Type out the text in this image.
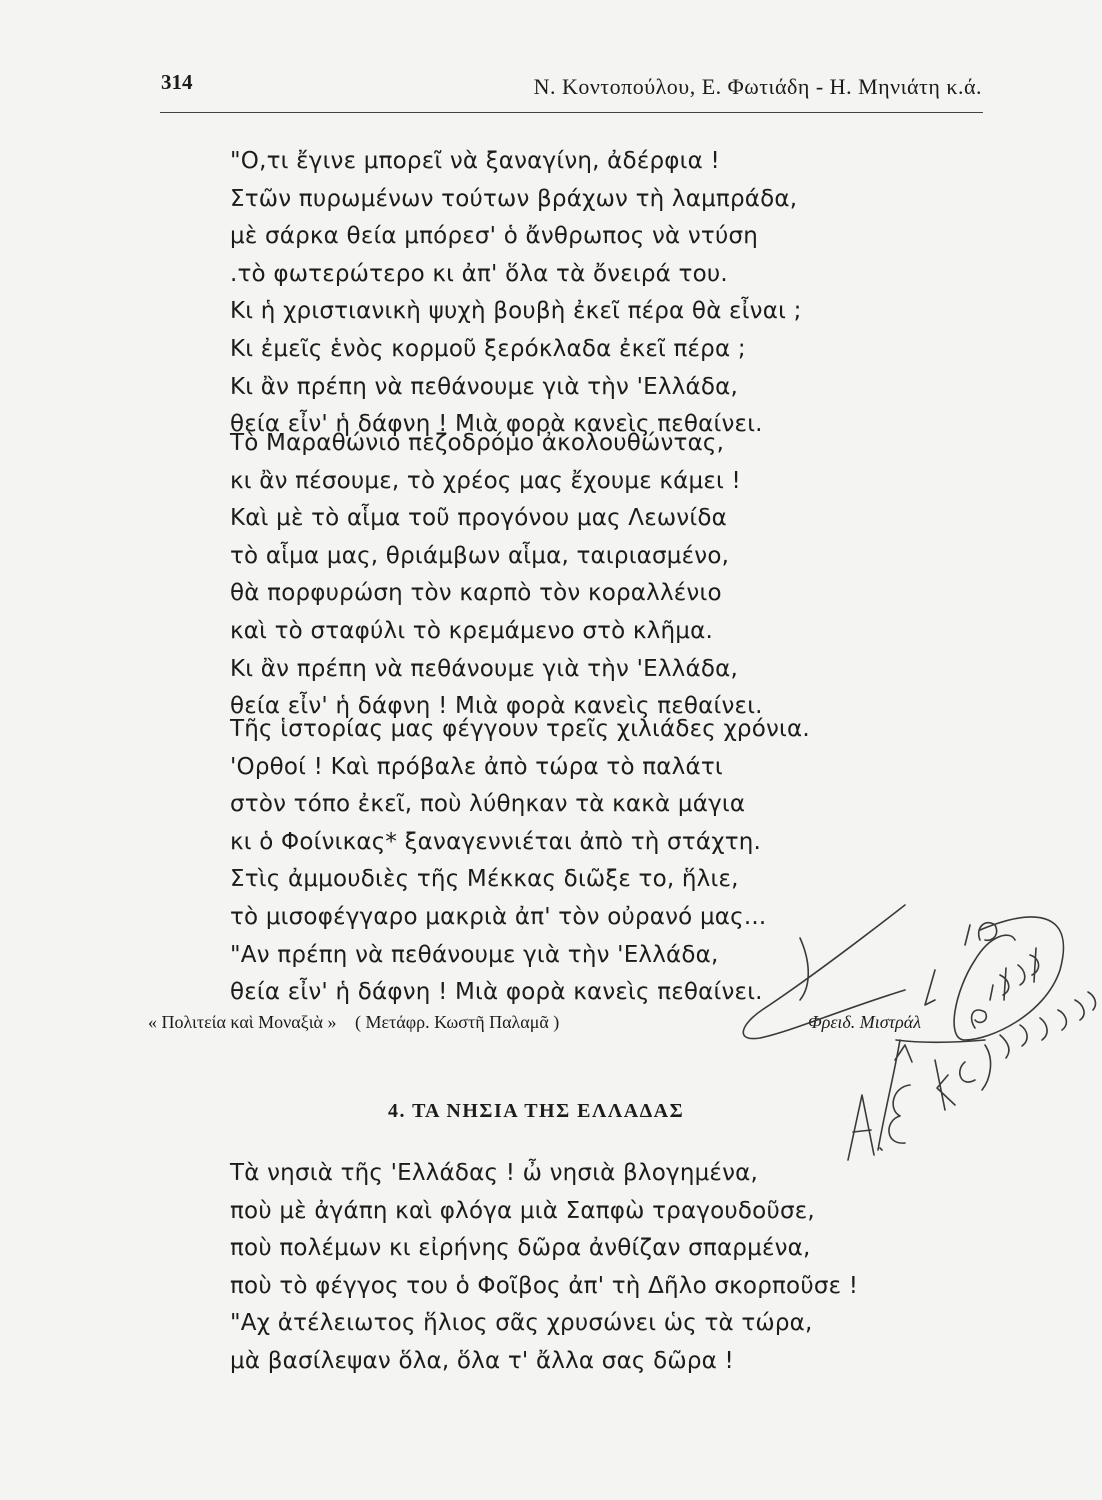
314	Ν. Κοντοπούλου, Ε. Φωτιάδη - Η. Μηνιάτη κ.ά.
"Ο,τι ἔγινε μπορεῖ νὰ ξαναγίνη, ἀδέρφια !
Στῶν πυρωμένων τούτων βράχων τὴ λαμπράδα,
μὲ σάρκα θεία μπόρεσ' ὁ ἄνθρωπος νὰ ντύση
.τὸ φωτερώτερο κι ἀπ' ὅλα τὰ ὄνειρά του.
Κι ἡ χριστιανικὴ ψυχὴ βουβὴ ἐκεῖ πέρα θὰ εἶναι ;
Κι ἐμεῖς ἑνὸς κορμοῦ ξερόκλαδα ἐκεῖ πέρα ;
Κι ἂν πρέπη νὰ πεθάνουμε γιὰ τὴν 'Ελλάδα,
θεία εἶν' ἡ δάφνη ! Μιὰ φορὰ κανεὶς πεθαίνει.
Τὸ Μαραθώνιο πεζοδρόμο ἀκολουθώντας,
κι ἂν πέσουμε, τὸ χρέος μας ἔχουμε κάμει !
Καὶ μὲ τὸ αἷμα τοῦ προγόνου μας Λεωνίδα
τὸ αἷμα μας, θριάμβων αἷμα, ταιριασμένο,
θὰ πορφυρώση τὸν καρπὸ τὸν κοραλλένιο
καὶ τὸ σταφύλι τὸ κρεμάμενο στὸ κλῆμα.
Κι ἂν πρέπη νὰ πεθάνουμε γιὰ τὴν 'Ελλάδα,
θεία εἶν' ἡ δάφνη ! Μιὰ φορὰ κανεὶς πεθαίνει.
Τῆς ἱστορίας μας φέγγουν τρεῖς χιλιάδες χρόνια.
'Ορθοί ! Καὶ πρόβαλε ἀπὸ τώρα τὸ παλάτι
στὸν τόπο ἐκεῖ, ποὺ λύθηκαν τὰ κακὰ μάγια
κι ὁ Φοίνικας* ξαναγεννιέται ἀπὸ τὴ στάχτη.
Στὶς ἀμμουδιὲς τῆς Μέκκας διῶξε το, ἥλιε,
τὸ μισοφέγγαρο μακριὰ ἀπ' τὸν οὐρανό μας...
"Αν πρέπη νὰ πεθάνουμε γιὰ τὴν 'Ελλάδα,
θεία εἶν' ἡ δάφνη ! Μιὰ φορὰ κανεὶς πεθαίνει.
« Πολιτεία καὶ Μοναξιὰ » ( Μετάφρ. Κωστῆ Παλαμᾶ )	Φρειδ. Μιστράλ
4. ΤΑ ΝΗΣΙΑ ΤΗΣ ΕΛΛΑΔΑΣ
Τὰ νησιὰ τῆς 'Ελλάδας ! ὦ νησιὰ βλογημένα,
ποὺ μὲ ἀγάπη καὶ φλόγα μιὰ Σαπφὼ τραγουδοῦσε,
ποὺ πολέμων κι εἰρήνης δῶρα ἀνθίζαν σπαρμένα,
ποὺ τὸ φέγγος του ὁ Φοῖβος ἀπ' τὴ Δῆλο σκορποῦσε !
"Αχ ἀτέλειωτος ἥλιος σᾶς χρυσώνει ὡς τὰ τώρα,
μὰ βασίλεψαν ὅλα, ὅλα τ' ἄλλα σας δῶρα !
